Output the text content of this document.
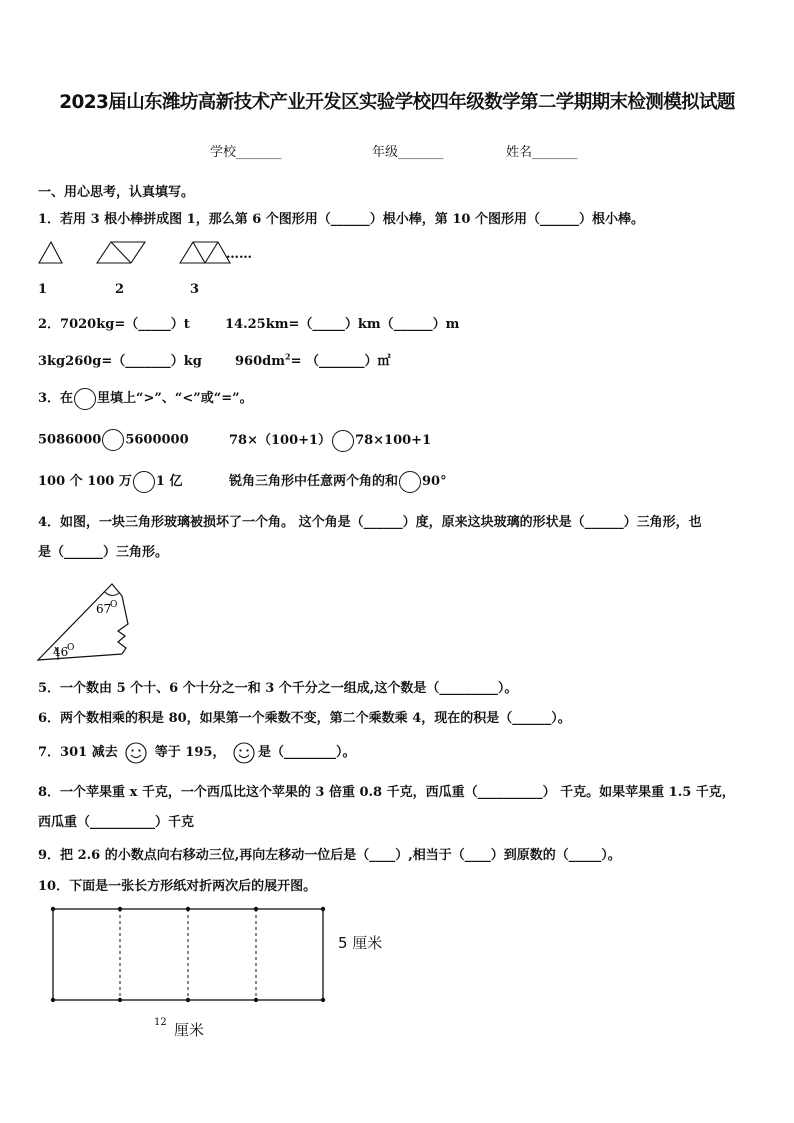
2023届山东潍坊高新技术产业开发区实验学校四年级数学第二学期期末检测模拟试题
学校_______	年级_______	姓名_______
一、用心思考，认真填写。
1．若用 3 根小棒拼成图 1，那么第 6 个图形用（______）根小棒，第 10 个图形用（______）根小棒。
……
1	2	3
2．7020kg=（_____）t	14.25km=（_____）km（______）m
3kg260g=（_______）kg	$960dm^2=$ （_______）㎡
3．在 里填上“>”、“<”或“=”。
5086000 5600000	78×（100+1） 78×100+1
100 个 100 万 1 亿	锐角三角形中任意两个角的和 90°
4．如图，一块三角形玻璃被损坏了一个角。 这个角是（______）度，原来这块玻璃的形状是（______）三角形，也
是（______）三角形。
67
O
46
O
5．一个数由 5 个十、6 个十分之一和 3 个千分之一组成,这个数是（_________）。
6．两个数相乘的积是 80，如果第一个乘数不变，第二个乘数乘 4，现在的积是（______）。
7．301 减去	等于 195，	是（________）。
8．一个苹果重 x 千克，一个西瓜比这个苹果的 3 倍重 0.8 千克，西瓜重（__________） 千克。如果苹果重 1.5 千克，
西瓜重（__________）千克
9．把 2.6 的小数点向右移动三位,再向左移动一位后是（____）,相当于（____）到原数的（_____）。
10．下面是一张长方形纸对折两次后的展开图。
5 厘米
12 厘米
